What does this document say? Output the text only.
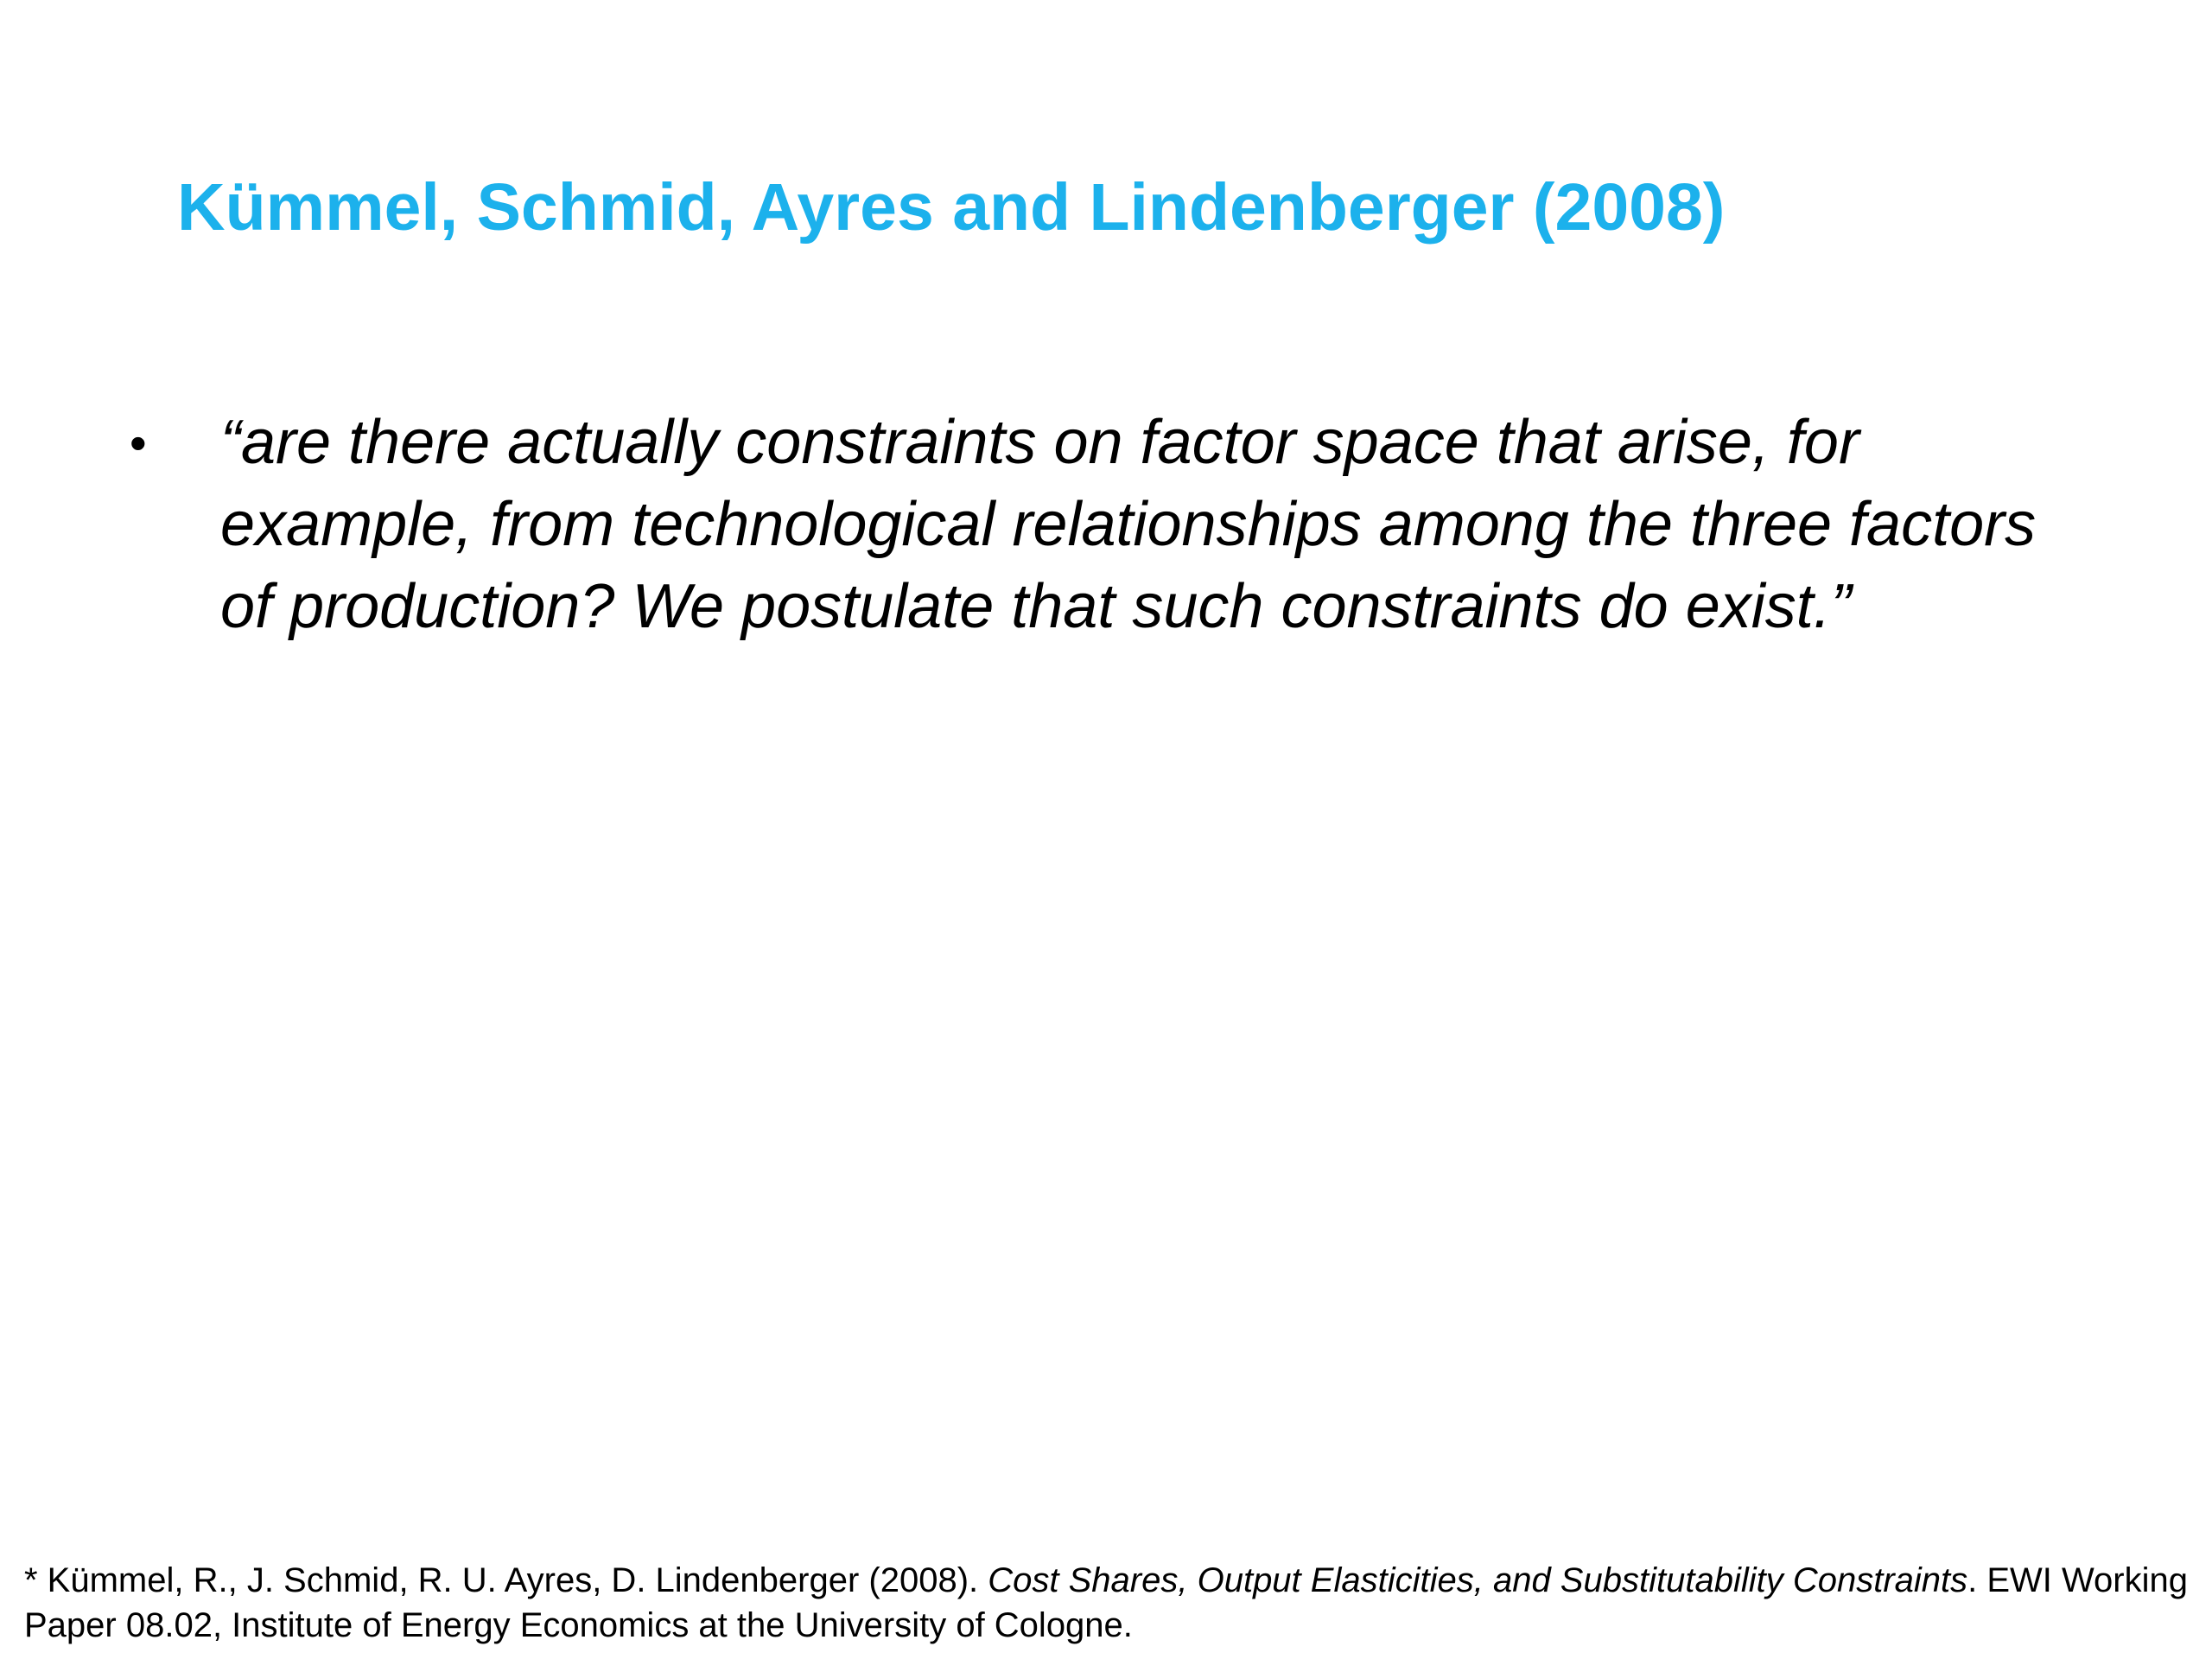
Kümmel, Schmid, Ayres and Lindenberger (2008)
•	“are there actually constraints on factor space that arise, for example, from technological relationships among the three factors of production? We postulate that such constraints do exist.”

* Kümmel, R., J. Schmid, R. U. Ayres, D. Lindenberger (2008). Cost Shares, Output Elasticities, and Substitutability Constraints. EWI Working Paper 08.02, Institute of Energy Economics at the University of Cologne.
